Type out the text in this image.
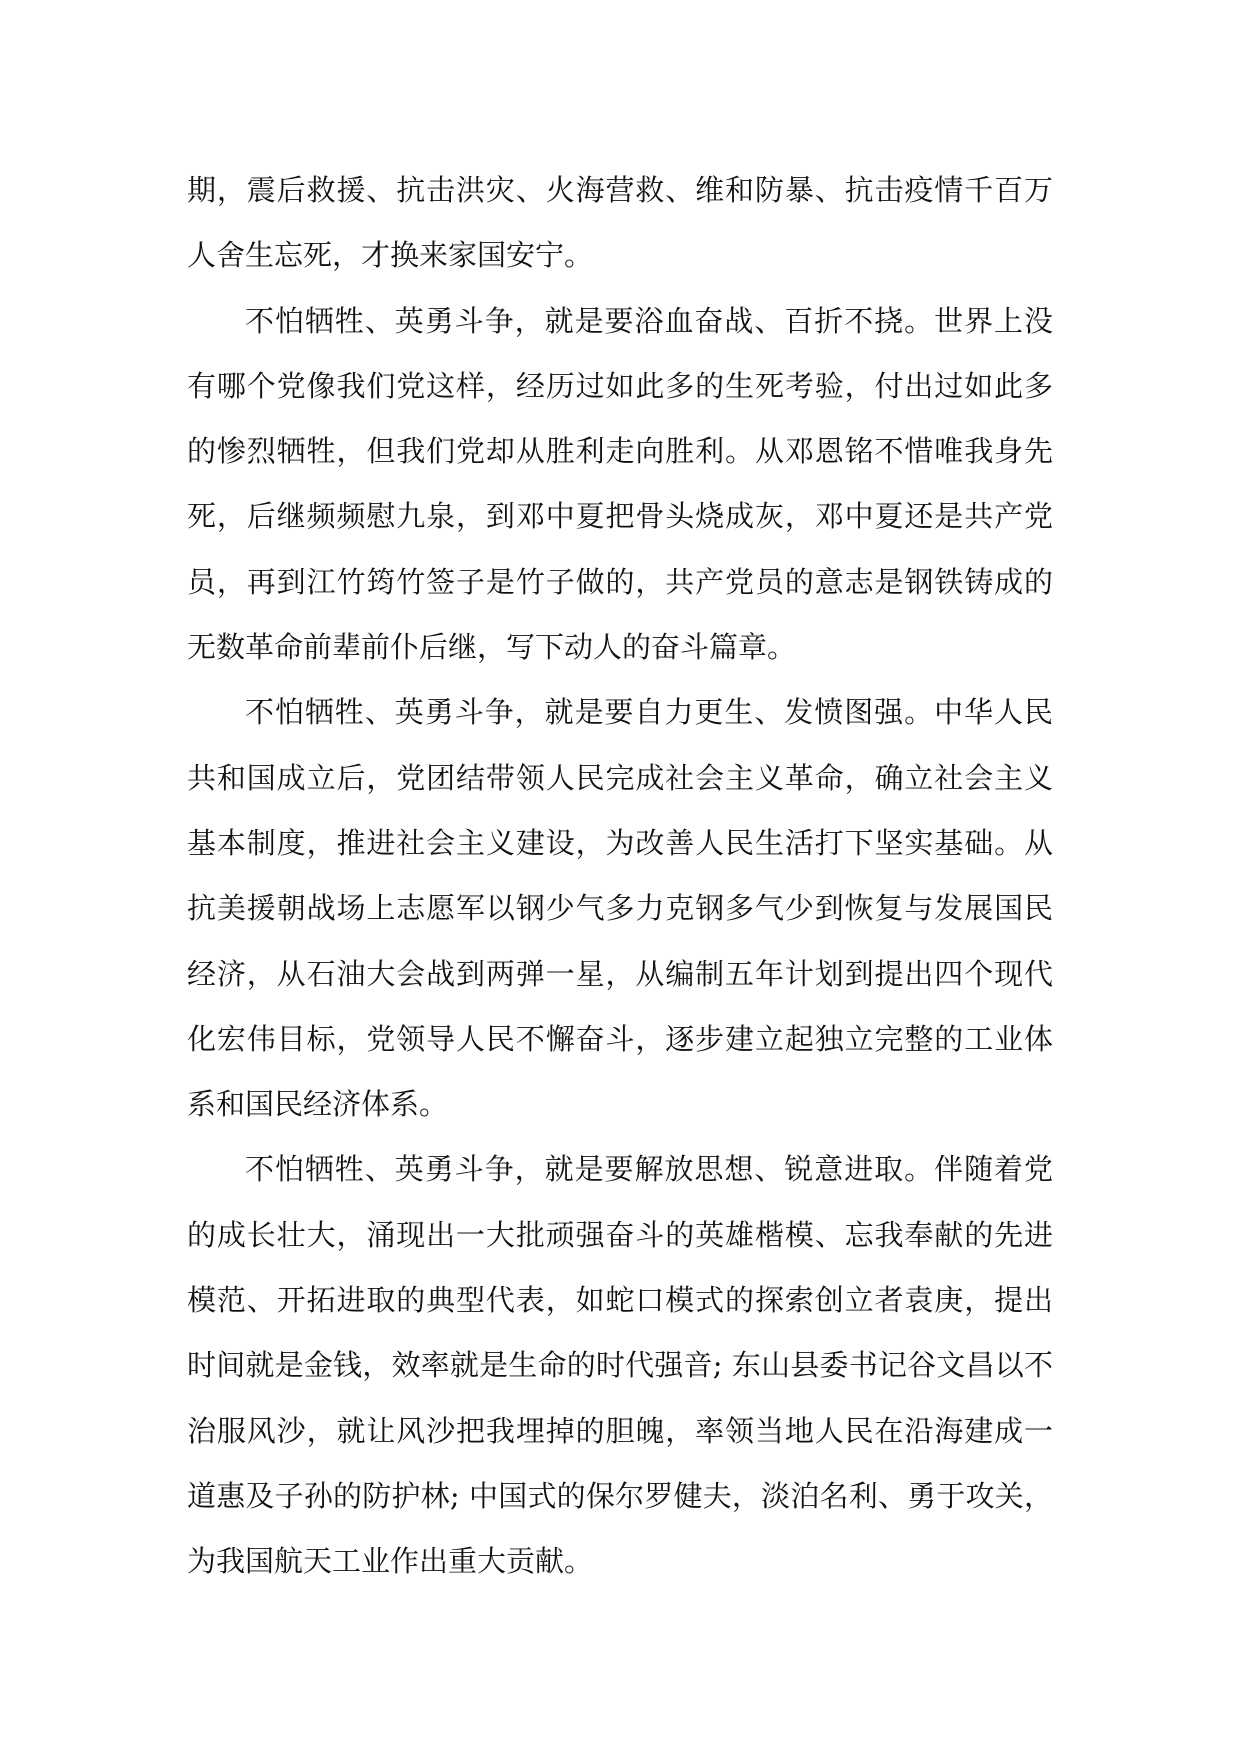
期，震后救援、抗击洪灾、火海营救、维和防暴、抗击疫情千百万人舍生忘死，才换来家国安宁。

不怕牺牲、英勇斗争，就是要浴血奋战、百折不挠。世界上没有哪个党像我们党这样，经历过如此多的生死考验，付出过如此多的惨烈牺牲，但我们党却从胜利走向胜利。从邓恩铭不惜唯我身先死，后继频频慰九泉，到邓中夏把骨头烧成灰，邓中夏还是共产党员，再到江竹筠竹签子是竹子做的，共产党员的意志是钢铁铸成的无数革命前辈前仆后继，写下动人的奋斗篇章。

不怕牺牲、英勇斗争，就是要自力更生、发愤图强。中华人民共和国成立后，党团结带领人民完成社会主义革命，确立社会主义基本制度，推进社会主义建设，为改善人民生活打下坚实基础。从抗美援朝战场上志愿军以钢少气多力克钢多气少到恢复与发展国民经济，从石油大会战到两弹一星，从编制五年计划到提出四个现代化宏伟目标，党领导人民不懈奋斗，逐步建立起独立完整的工业体系和国民经济体系。

不怕牺牲、英勇斗争，就是要解放思想、锐意进取。伴随着党的成长壮大，涌现出一大批顽强奋斗的英雄楷模、忘我奉献的先进模范、开拓进取的典型代表，如蛇口模式的探索创立者袁庚，提出时间就是金钱，效率就是生命的时代强音; 东山县委书记谷文昌以不治服风沙，就让风沙把我埋掉的胆魄，率领当地人民在沿海建成一道惠及子孙的防护林; 中国式的保尔罗健夫，淡泊名利、勇于攻关，为我国航天工业作出重大贡献。
